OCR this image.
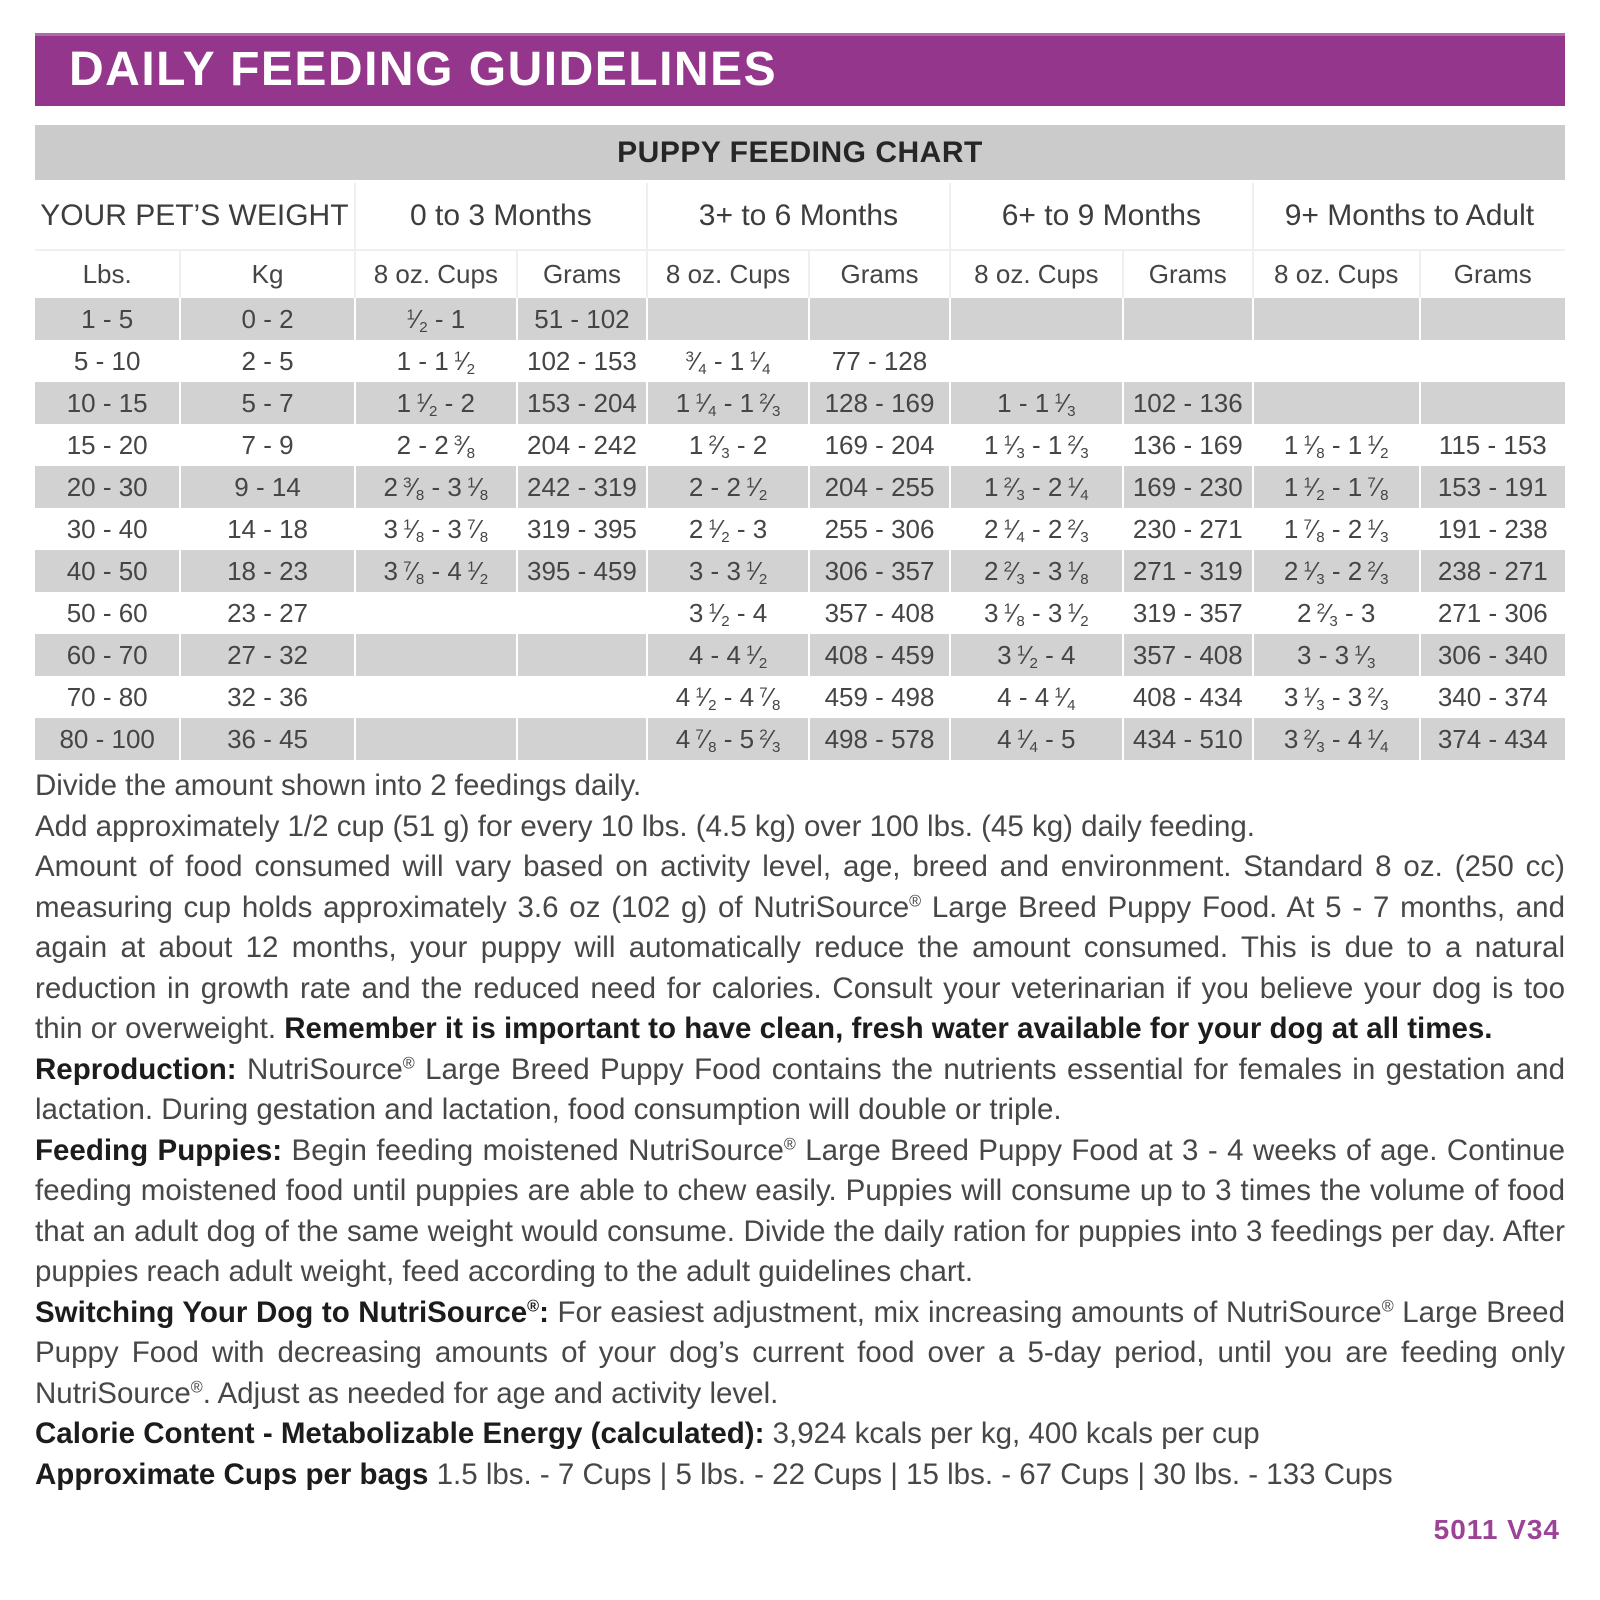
DAILY FEEDING GUIDELINES
PUPPY FEEDING CHART
YOUR PET’S WEIGHT		0 to 3 Months		3+ to 6 Months		6+ to 9 Months		9+ Months to Adult	
Lbs.	Kg	8 oz. Cups	Grams	8 oz. Cups	Grams	8 oz. Cups	Grams	8 oz. Cups	Grams
1 - 5	0 - 2	$^1⁄_2 - 1$	51 - 102						
5 - 10	2 - 5	1 - 1 $^1⁄_2$	102 - 153	$^3⁄_4 - 1$ $^1⁄_4$	77 - 128				
10 - 15	5 - 7	1 $^1⁄_2 - 2$	153 - 204	1 $^1⁄_4 - 1$ $^2⁄_3$	128 - 169	1 - 1 $^1⁄_3$	102 - 136		
15 - 20	7 - 9	2 - 2 $^3⁄_8$	204 - 242	1 $^2⁄_3 - 2$	169 - 204	1 $^1⁄_3 - 1$ $^2⁄_3$	136 - 169	1 $^1⁄_8 - 1$ $^1⁄_2$	115 - 153
20 - 30	9 - 14	2 $^3⁄_8 - 3$ $^1⁄_8$	242 - 319	2 - 2 $^1⁄_2$	204 - 255	1 $^2⁄_3 - 2$ $^1⁄_4$	169 - 230	1 $^1⁄_2 - 1$ $^7⁄_8$	153 - 191
30 - 40	14 - 18	3 $^1⁄_8 - 3$ $^7⁄_8$	319 - 395	2 $^1⁄_2 - 3$	255 - 306	2 $^1⁄_4 - 2$ $^2⁄_3$	230 - 271	1 $^7⁄_8 - 2$ $^1⁄_3$	191 - 238
40 - 50	18 - 23	3 $^7⁄_8 - 4$ $^1⁄_2$	395 - 459	3 - 3 $^1⁄_2$	306 - 357	2 $^2⁄_3 - 3$ $^1⁄_8$	271 - 319	2 $^1⁄_3 - 2$ $^2⁄_3$	238 - 271
50 - 60	23 - 27			3 $^1⁄_2 - 4$	357 - 408	3 $^1⁄_8 - 3$ $^1⁄_2$	319 - 357	2 $^2⁄_3 - 3$	271 - 306
60 - 70	27 - 32			4 - 4 $^1⁄_2$	408 - 459	3 $^1⁄_2 - 4$	357 - 408	3 - 3 $^1⁄_3$	306 - 340
70 - 80	32 - 36			4 $^1⁄_2 - 4$ $^7⁄_8$	459 - 498	4 - 4 $^1⁄_4$	408 - 434	3 $^1⁄_3 - 3$ $^2⁄_3$	340 - 374
80 - 100	36 - 45			4 $^7⁄_8 - 5$ $^2⁄_3$	498 - 578	4 $^1⁄_4 - 5$	434 - 510	3 $^2⁄_3 - 4$ $^1⁄_4$	374 - 434

Divide the amount shown into 2 feedings daily.

Add approximately 1/2 cup (51 g) for every 10 lbs. (4.5 kg) over 100 lbs. (45 kg) daily feeding.

Amount of food consumed will vary based on activity level, age, breed and environment. Standard 8 oz. (250 cc) measuring cup holds approximately 3.6 oz (102 g) of NutriSource® Large Breed Puppy Food. At 5 - 7 months, and again at about 12 months, your puppy will automatically reduce the amount consumed. This is due to a natural reduction in growth rate and the reduced need for calories. Consult your veterinarian if you believe your dog is too thin or overweight. Remember it is important to have clean, fresh water available for your dog at all times.

Reproduction: NutriSource® Large Breed Puppy Food contains the nutrients essential for females in gestation and lactation. During gestation and lactation, food consumption will double or triple.

Feeding Puppies: Begin feeding moistened NutriSource® Large Breed Puppy Food at 3 - 4 weeks of age. Continue feeding moistened food until puppies are able to chew easily. Puppies will consume up to 3 times the volume of food that an adult dog of the same weight would consume. Divide the daily ration for puppies into 3 feedings per day. After puppies reach adult weight, feed according to the adult guidelines chart.

Switching Your Dog to NutriSource®: For easiest adjustment, mix increasing amounts of NutriSource® Large Breed Puppy Food with decreasing amounts of your dog’s current food over a 5-day period, until you are feeding only NutriSource®. Adjust as needed for age and activity level.

Calorie Content - Metabolizable Energy (calculated): 3,924 kcals per kg, 400 kcals per cup

Approximate Cups per bags 1.5 lbs. - 7 Cups | 5 lbs. - 22 Cups | 15 lbs. - 67 Cups | 30 lbs. - 133 Cups

5011 V34
